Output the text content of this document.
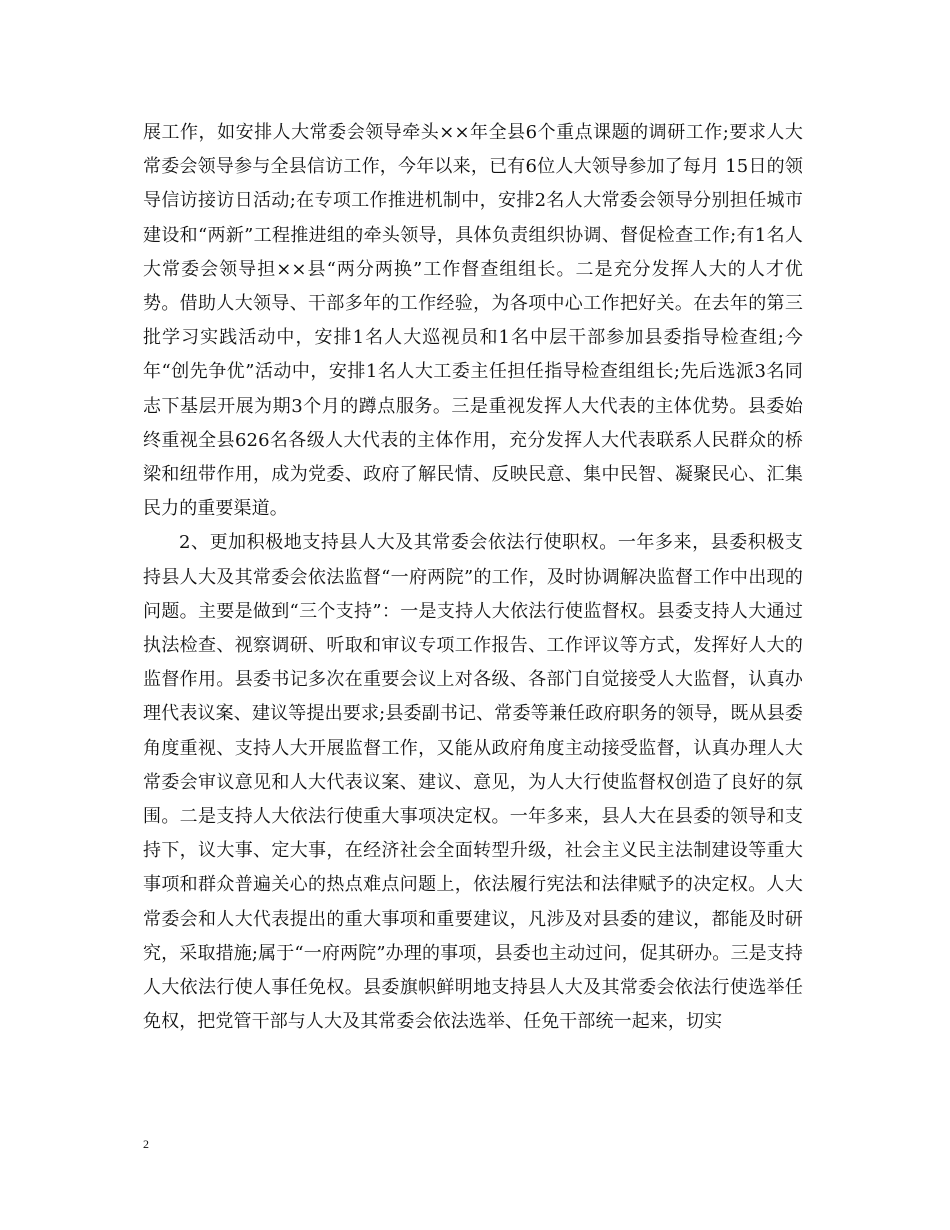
展工作，如安排人大常委会领导牵头××年全县6个重点课题的调研工作;要求人大常委会领导参与全县信访工作，今年以来，已有6位人大领导参加了每月 15日的领导信访接访日活动;在专项工作推进机制中，安排2名人大常委会领导分别担任城市建设和“两新”工程推进组的牵头领导，具体负责组织协调、督促检查工作;有1名人大常委会领导担××县“两分两换”工作督查组组长。二是充分发挥人大的人才优势。借助人大领导、干部多年的工作经验，为各项中心工作把好关。在去年的第三批学习实践活动中，安排1名人大巡视员和1名中层干部参加县委指导检查组;今年“创先争优”活动中，安排1名人大工委主任担任指导检查组组长;先后选派3名同志下基层开展为期3个月的蹲点服务。三是重视发挥人大代表的主体优势。县委始终重视全县626名各级人大代表的主体作用，充分发挥人大代表联系人民群众的桥梁和纽带作用，成为党委、政府了解民情、反映民意、集中民智、凝聚民心、汇集民力的重要渠道。

2、更加积极地支持县人大及其常委会依法行使职权。一年多来，县委积极支持县人大及其常委会依法监督“一府两院”的工作，及时协调解决监督工作中出现的问题。主要是做到“三个支持”：一是支持人大依法行使监督权。县委支持人大通过执法检查、视察调研、听取和审议专项工作报告、工作评议等方式，发挥好人大的监督作用。县委书记多次在重要会议上对各级、各部门自觉接受人大监督，认真办理代表议案、建议等提出要求;县委副书记、常委等兼任政府职务的领导，既从县委角度重视、支持人大开展监督工作，又能从政府角度主动接受监督，认真办理人大常委会审议意见和人大代表议案、建议、意见，为人大行使监督权创造了良好的氛围。二是支持人大依法行使重大事项决定权。一年多来，县人大在县委的领导和支持下，议大事、定大事，在经济社会全面转型升级，社会主义民主法制建设等重大事项和群众普遍关心的热点难点问题上，依法履行宪法和法律赋予的决定权。人大常委会和人大代表提出的重大事项和重要建议，凡涉及对县委的建议，都能及时研究，采取措施;属于“一府两院”办理的事项，县委也主动过问，促其研办。三是支持人大依法行使人事任免权。县委旗帜鲜明地支持县人大及其常委会依法行使选举任免权，把党管干部与人大及其常委会依法选举、任免干部统一起来，切实

2
